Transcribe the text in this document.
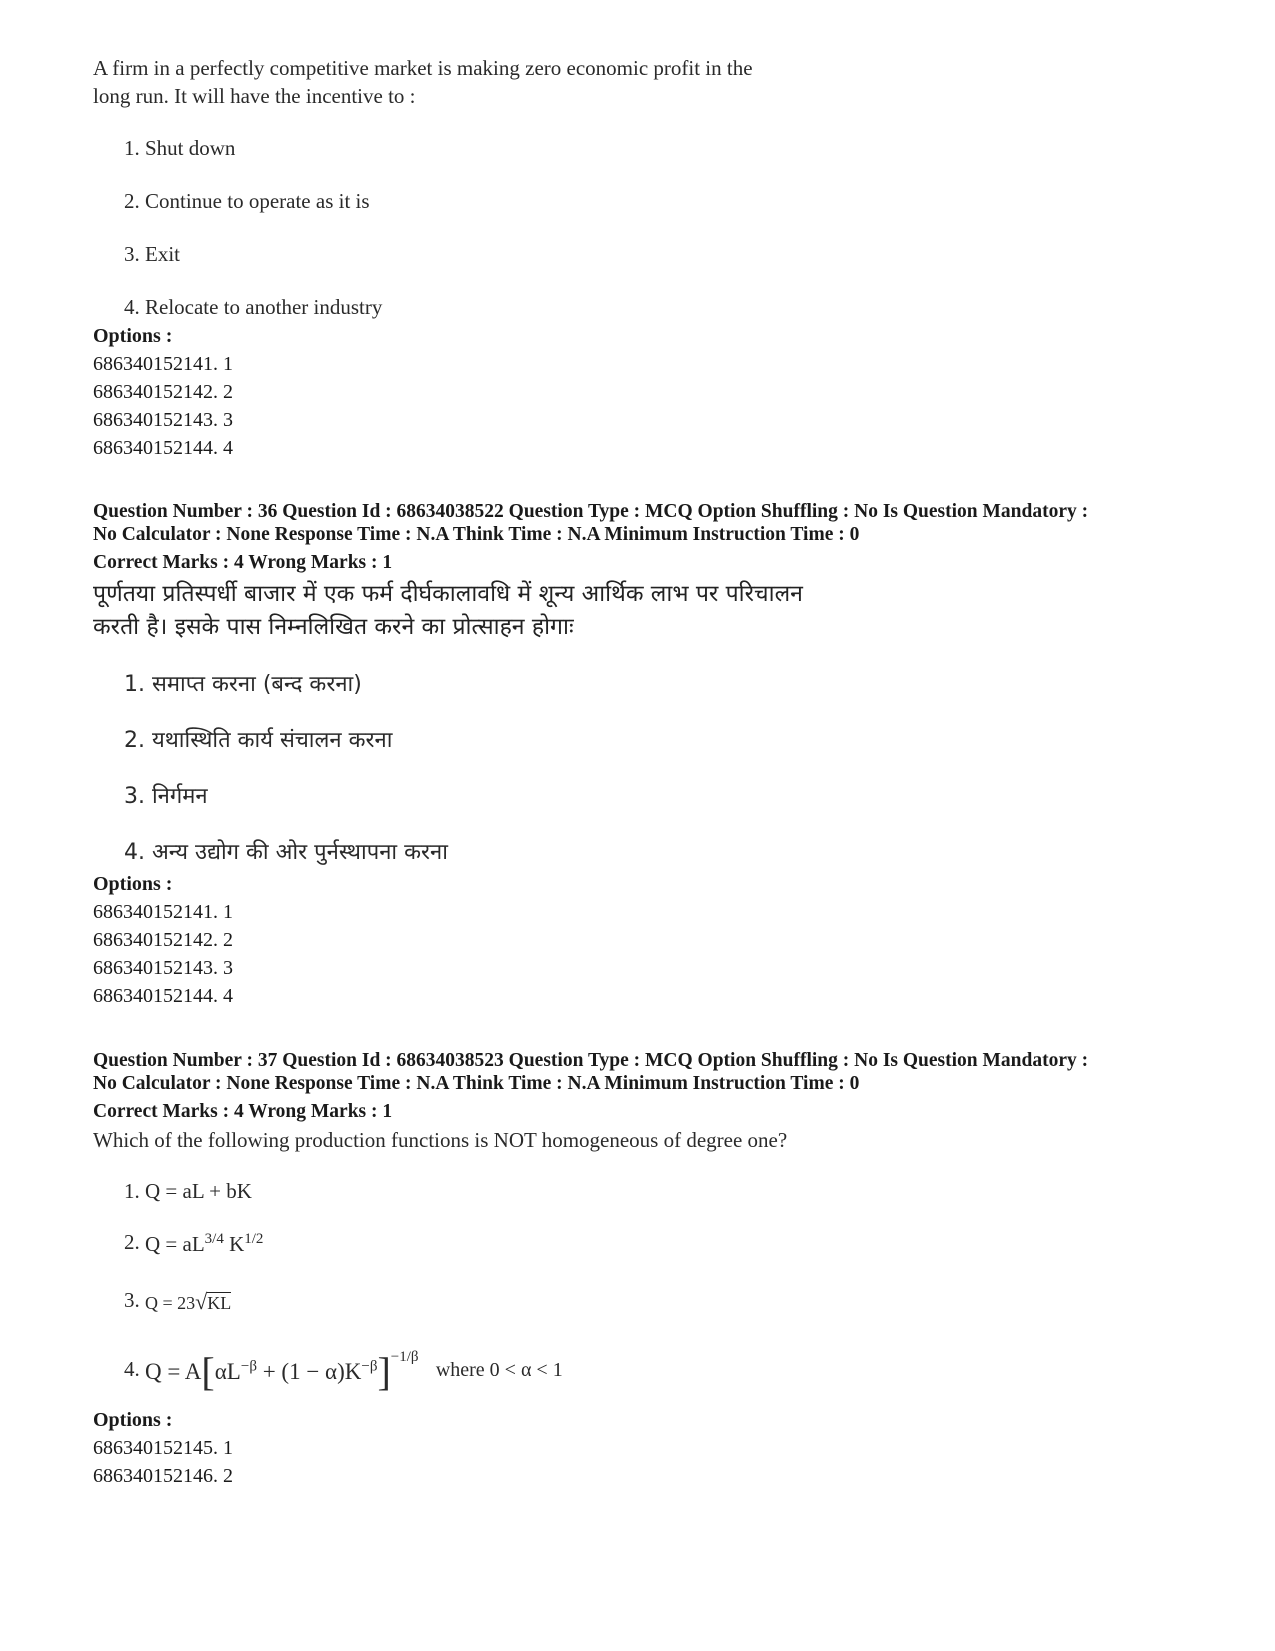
A firm in a perfectly competitive market is making zero economic profit in the
long run. It will have the incentive to :
1. Shut down
2. Continue to operate as it is
3. Exit
4. Relocate to another industry
Options :
686340152141. 1
686340152142. 2
686340152143. 3
686340152144. 4
Question Number : 36 Question Id : 68634038522 Question Type : MCQ Option Shuffling : No Is Question Mandatory :
No Calculator : None Response Time : N.A Think Time : N.A Minimum Instruction Time : 0
Correct Marks : 4 Wrong Marks : 1
पूर्णतया प्रतिस्पर्धी बाजार में एक फर्म दीर्घकालावधि में शून्य आर्थिक लाभ पर परिचालन
करती है। इसके पास निम्नलिखित करने का प्रोत्साहन होगाः
1. समाप्त करना (बन्द करना)
2. यथास्थिति कार्य संचालन करना
3. निर्गमन
4. अन्य उद्योग की ओर पुर्नस्थापना करना
Options :
686340152141. 1
686340152142. 2
686340152143. 3
686340152144. 4
Question Number : 37 Question Id : 68634038523 Question Type : MCQ Option Shuffling : No Is Question Mandatory :
No Calculator : None Response Time : N.A Think Time : N.A Minimum Instruction Time : 0
Correct Marks : 4 Wrong Marks : 1
Which of the following production functions is NOT homogeneous of degree one?
1. Q = aL + bK
2. $Q = aL^{3/4}$ $K^{1/2}$
3. Q = 23√KL
4. $Q = A[\alpha L^{-\beta} + (1 - \alpha)K^{-\beta}]^{-1/\beta}$ where 0 < α < 1
Options :
686340152145. 1
686340152146. 2
